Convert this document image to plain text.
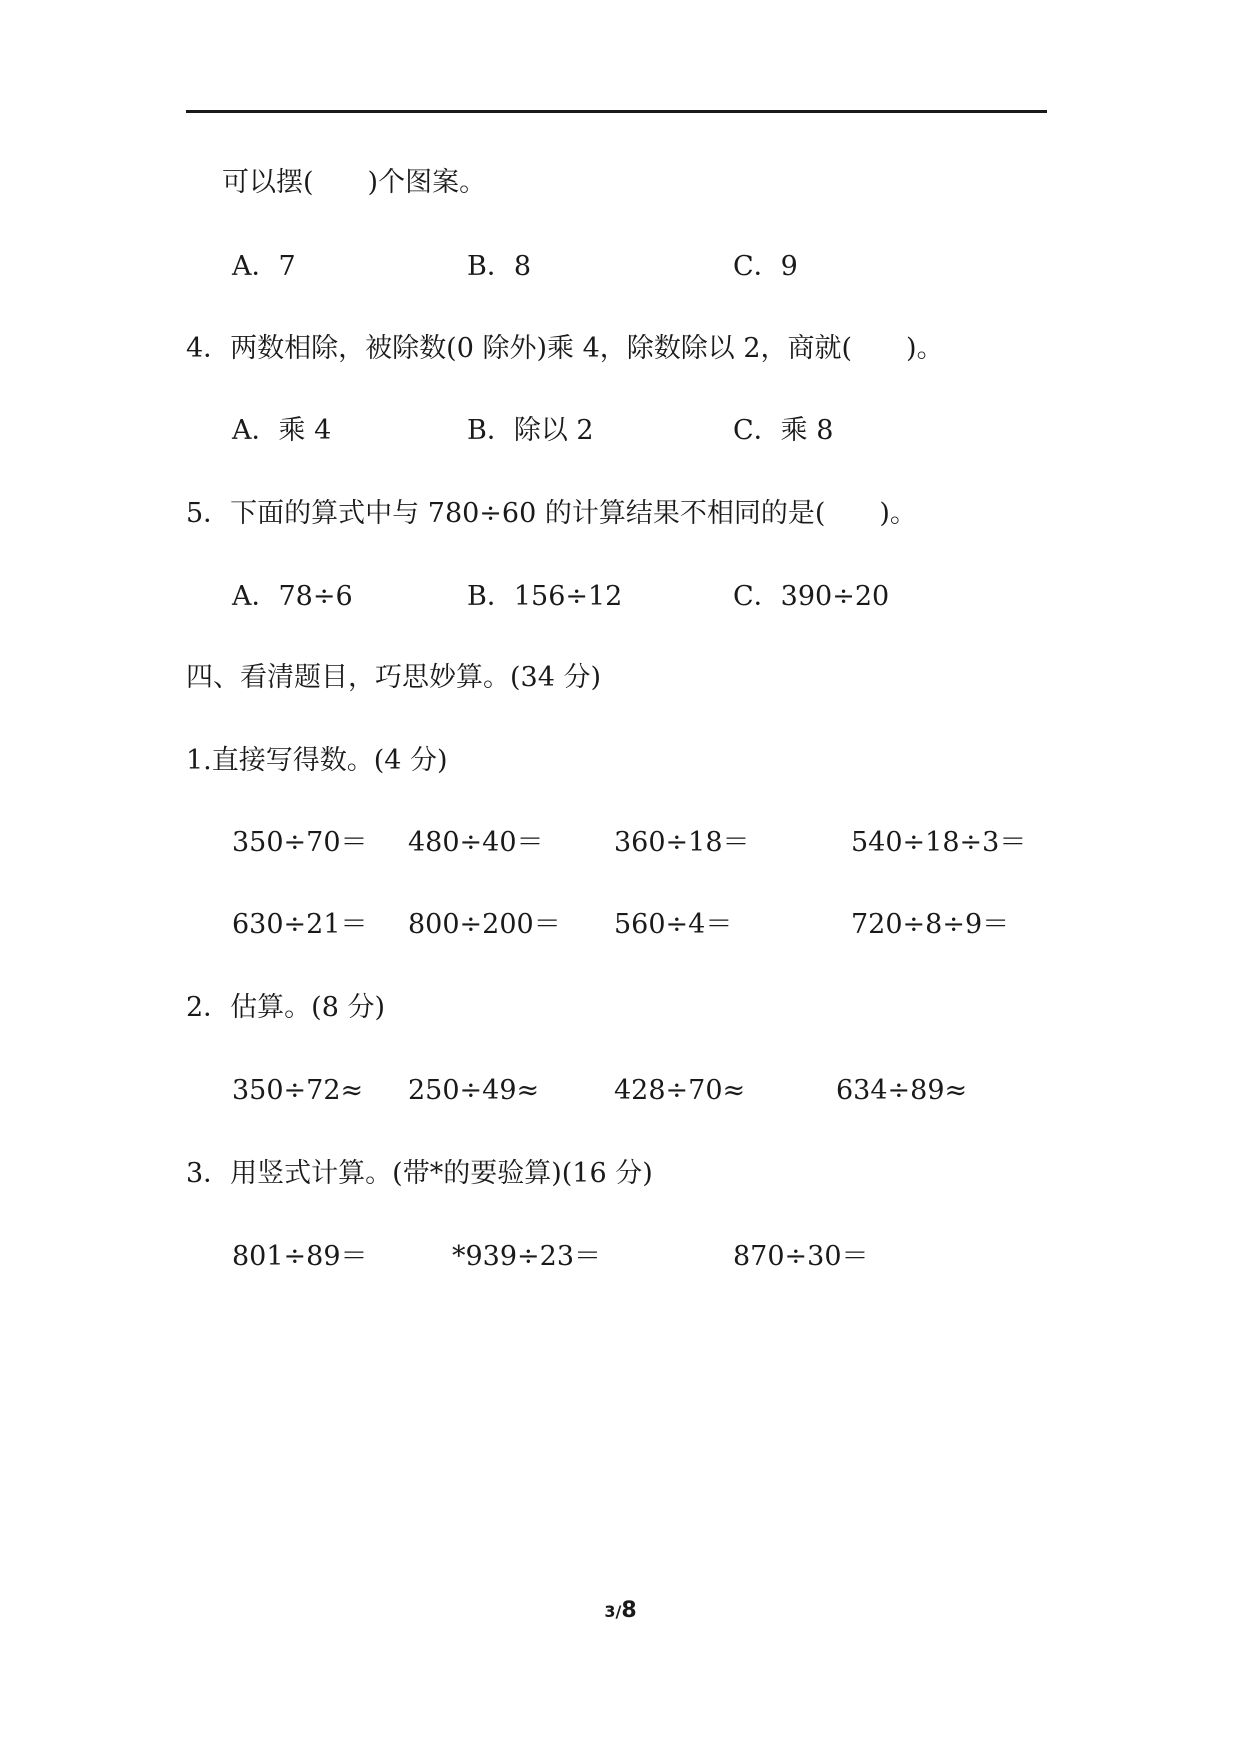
可以摆(　　)个图案。
A．7	B．8	C．9
4．两数相除，被除数(0 除外)乘 4，除数除以 2，商就(　　)。
A．乘 4	B．除以 2	C．乘 8
5．下面的算式中与 780÷60 的计算结果不相同的是(　　)。
A．78÷6	B．156÷12	C．390÷20
四、看清题目，巧思妙算。(34 分)
1.直接写得数。(4 分)
350÷70＝ 480÷40＝	360÷18＝	540÷18÷3＝
630÷21＝ 800÷200＝ 560÷4＝	720÷8÷9＝
2．估算。(8 分)
350÷72≈ 250÷49≈	428÷70≈	634÷89≈
3．用竖式计算。(带*的要验算)(16 分)
801÷89＝	*939÷23＝	870÷30＝
3/8
